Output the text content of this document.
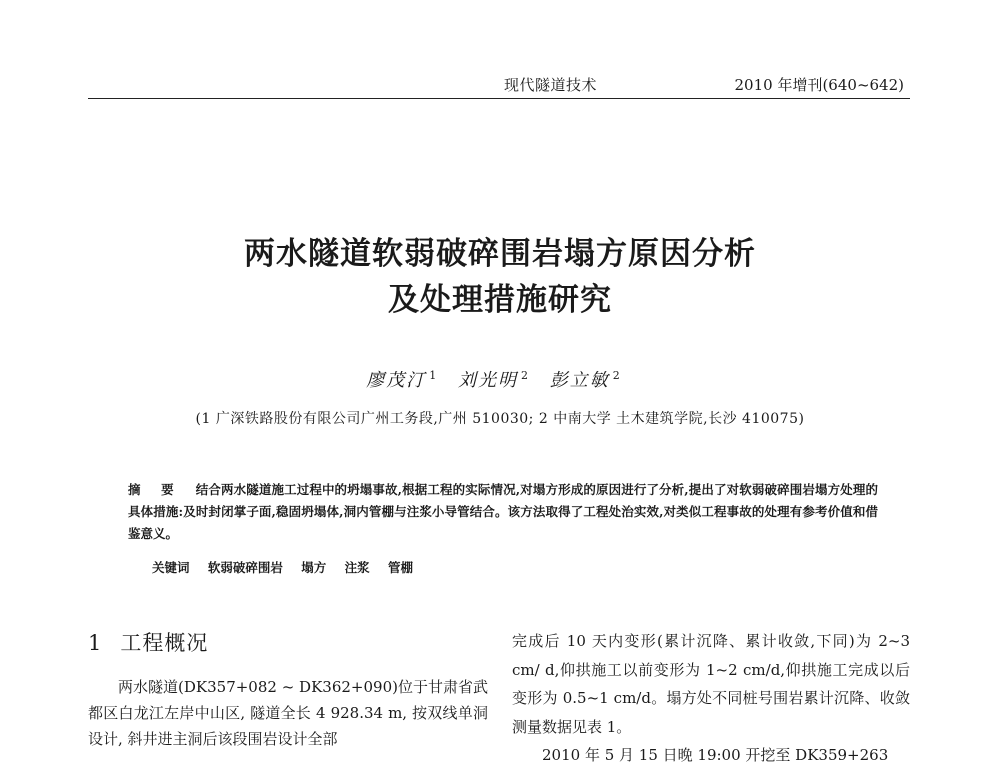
现代隧道技术	2010 年增刊(640~642)
两水隧道软弱破碎围岩塌方原因分析
及处理措施研究
廖茂汀 $^1$ 刘光明 $^2$ 彭立敏 $^2$
(1 广深铁路股份有限公司广州工务段,广州 510030; 2 中南大学 土木建筑学院,长沙 410075)
摘 要 结合两水隧道施工过程中的坍塌事故,根据工程的实际情况,对塌方形成的原因进行了分析,提出了对软弱破碎围岩塌方处理的具体措施:及时封闭掌子面,稳固坍塌体,洞内管棚与注浆小导管结合。该方法取得了工程处治实效,对类似工程事故的处理有参考价值和借鉴意义。
关键词 软弱破碎围岩 塌方 注浆 管棚
1 工程概况

两水隧道(DK357+082 ~ DK362+090)位于甘肃省武都区白龙江左岸中山区, 隧道全长 4 928.34 m, 按双线单洞设计, 斜井进主洞后该段围岩设计全部

完成后 10 天内变形(累计沉降、累计收敛,下同)为 2~3 cm/ d,仰拱施工以前变形为 1~2 cm/d,仰拱施工完成以后变形为 0.5~1 cm/d。塌方处不同桩号围岩累计沉降、收敛测量数据见表 1。

2010 年 5 月 15 日晚 19:00 开挖至 DK359+263
